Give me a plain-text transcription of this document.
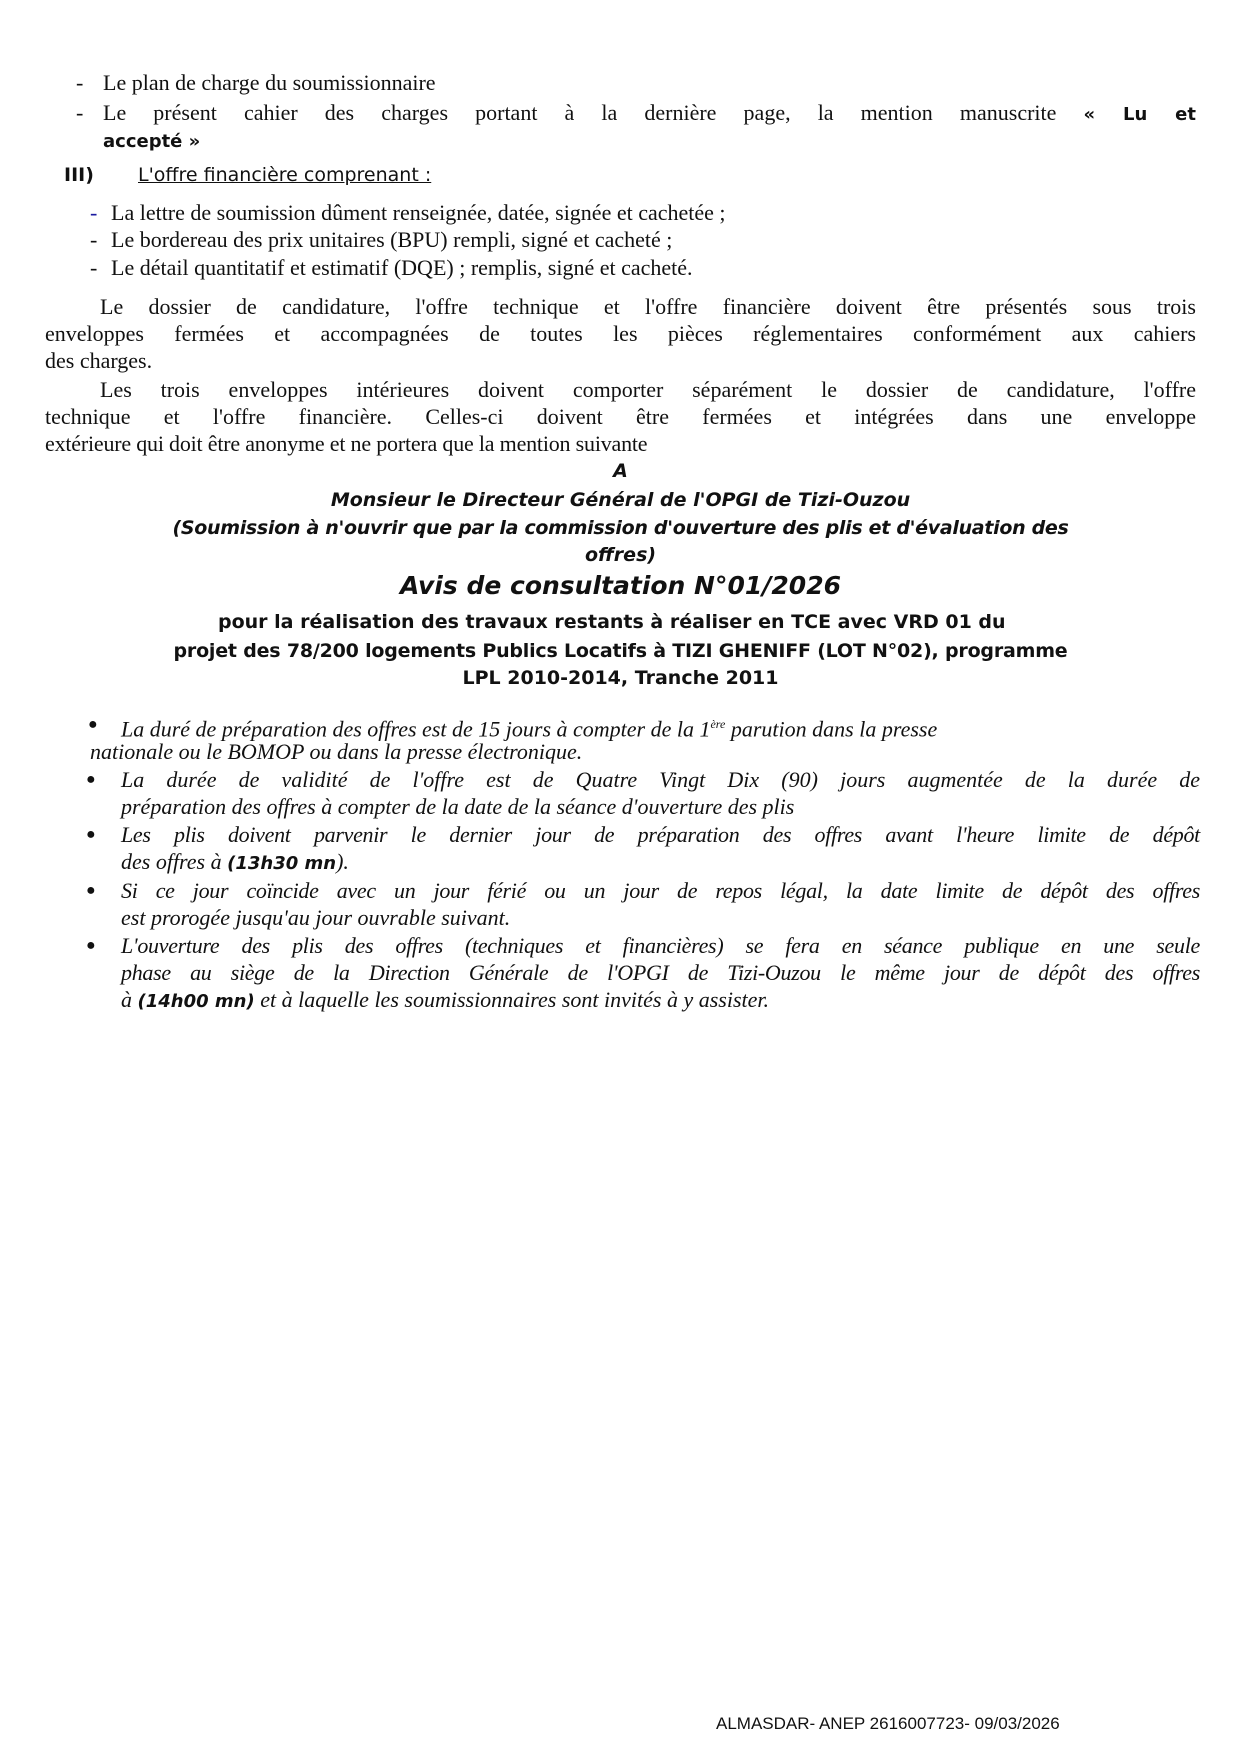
- Le plan de charge du soumissionnaire
- Le présent cahier des charges portant à la dernière page, la mention manuscrite « Lu et
accepté »
III) L'offre financière comprenant :
- La lettre de soumission dûment renseignée, datée, signée et cachetée ;
- Le bordereau des prix unitaires (BPU) rempli, signé et cacheté ;
- Le détail quantitatif et estimatif (DQE) ; remplis, signé et cacheté.
Le dossier de candidature, l'offre technique et l'offre financière doivent être présentés sous trois
enveloppes fermées et accompagnées de toutes les pièces réglementaires conformément aux cahiers
des charges.
Les trois enveloppes intérieures doivent comporter séparément le dossier de candidature, l'offre
technique et l'offre financière. Celles-ci doivent être fermées et intégrées dans une enveloppe
extérieure qui doit être anonyme et ne portera que la mention suivante
A
Monsieur le Directeur Général de l'OPGI de Tizi-Ouzou
(Soumission à n'ouvrir que par la commission d'ouverture des plis et d'évaluation des
offres)
Avis de consultation N°01/2026
pour la réalisation des travaux restants à réaliser en TCE avec VRD 01 du
projet des 78/200 logements Publics Locatifs à TIZI GHENIFF (LOT N°02), programme
LPL 2010-2014, Tranche 2011
● La duré de préparation des offres est de 15 jours à compter de la 1ère parution dans la presse
nationale ou le BOMOP ou dans la presse électronique.
● La durée de validité de l'offre est de Quatre Vingt Dix (90) jours augmentée de la durée de
préparation des offres à compter de la date de la séance d'ouverture des plis
● Les plis doivent parvenir le dernier jour de préparation des offres avant l'heure limite de dépôt
des offres à (13h30 mn).
● Si ce jour coïncide avec un jour férié ou un jour de repos légal, la date limite de dépôt des offres
est prorogée jusqu'au jour ouvrable suivant.
● L'ouverture des plis des offres (techniques et financières) se fera en séance publique en une seule
phase au siège de la Direction Générale de l'OPGI de Tizi-Ouzou le même jour de dépôt des offres
à (14h00 mn) et à laquelle les soumissionnaires sont invités à y assister.
ALMASDAR- ANEP 2616007723- 09/03/2026
